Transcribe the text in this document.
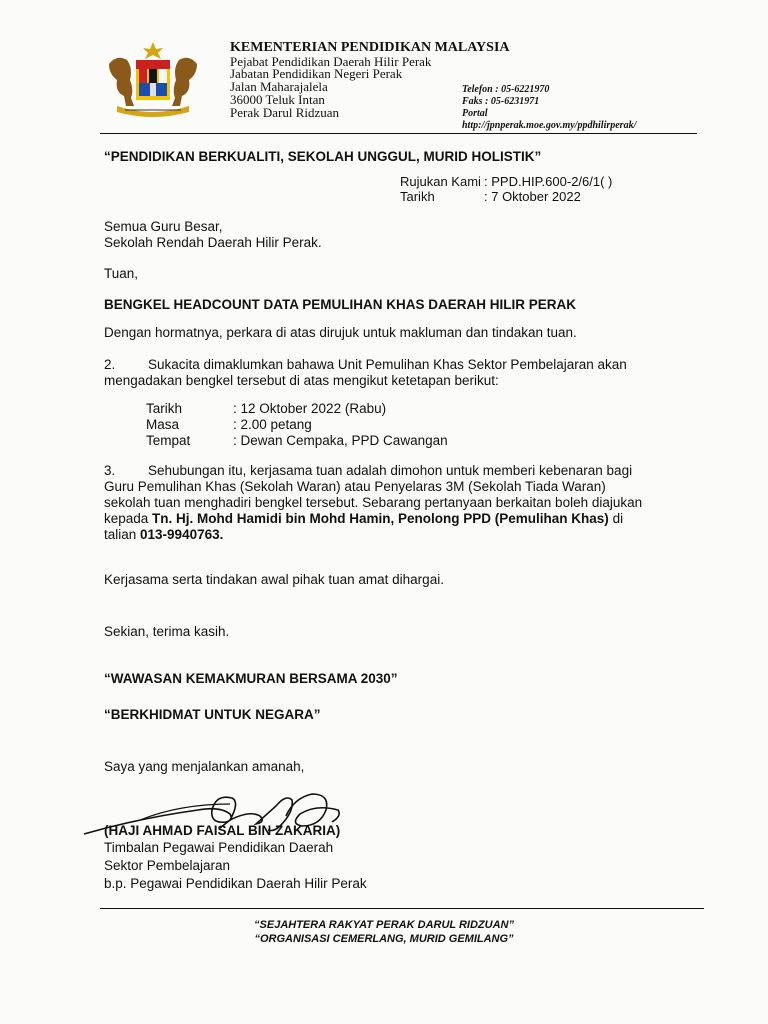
KEMENTERIAN PENDIDIKAN MALAYSIA
Pejabat Pendidikan Daerah Hilir Perak
Jabatan Pendidikan Negeri Perak
Jalan Maharajalela
36000 Teluk Intan
Perak Darul Ridzuan
Telefon : 05-6221970
Faks : 05-6231971
Portal
http://jpnperak.moe.gov.my/ppdhilirperak/
“PENDIDIKAN BERKUALITI, SEKOLAH UNGGUL, MURID HOLISTIK”
Rujukan Kami : PPD.HIP.600-2/6/1( )
Tarikh	: 7 Oktober 2022
Semua Guru Besar,
Sekolah Rendah Daerah Hilir Perak.
Tuan,
BENGKEL HEADCOUNT DATA PEMULIHAN KHAS DAERAH HILIR PERAK
Dengan hormatnya, perkara di atas dirujuk untuk makluman dan tindakan tuan.
2. Sukacita dimaklumkan bahawa Unit Pemulihan Khas Sektor Pembelajaran akan
mengadakan bengkel tersebut di atas mengikut ketetapan berikut:
Tarikh	: 12 Oktober 2022 (Rabu)
Masa	: 2.00 petang
Tempat	: Dewan Cempaka, PPD Cawangan
3. Sehubungan itu, kerjasama tuan adalah dimohon untuk memberi kebenaran bagi
Guru Pemulihan Khas (Sekolah Waran) atau Penyelaras 3M (Sekolah Tiada Waran)
sekolah tuan menghadiri bengkel tersebut. Sebarang pertanyaan berkaitan boleh diajukan
kepada Tn. Hj. Mohd Hamidi bin Mohd Hamin, Penolong PPD (Pemulihan Khas) di
talian 013-9940763.
Kerjasama serta tindakan awal pihak tuan amat dihargai.
Sekian, terima kasih.
“WAWASAN KEMAKMURAN BERSAMA 2030”
“BERKHIDMAT UNTUK NEGARA”
Saya yang menjalankan amanah,
(HAJI AHMAD FAISAL BIN ZAKARIA)
Timbalan Pegawai Pendidikan Daerah
Sektor Pembelajaran
b.p. Pegawai Pendidikan Daerah Hilir Perak
“SEJAHTERA RAKYAT PERAK DARUL RIDZUAN”
“ORGANISASI CEMERLANG, MURID GEMILANG”
